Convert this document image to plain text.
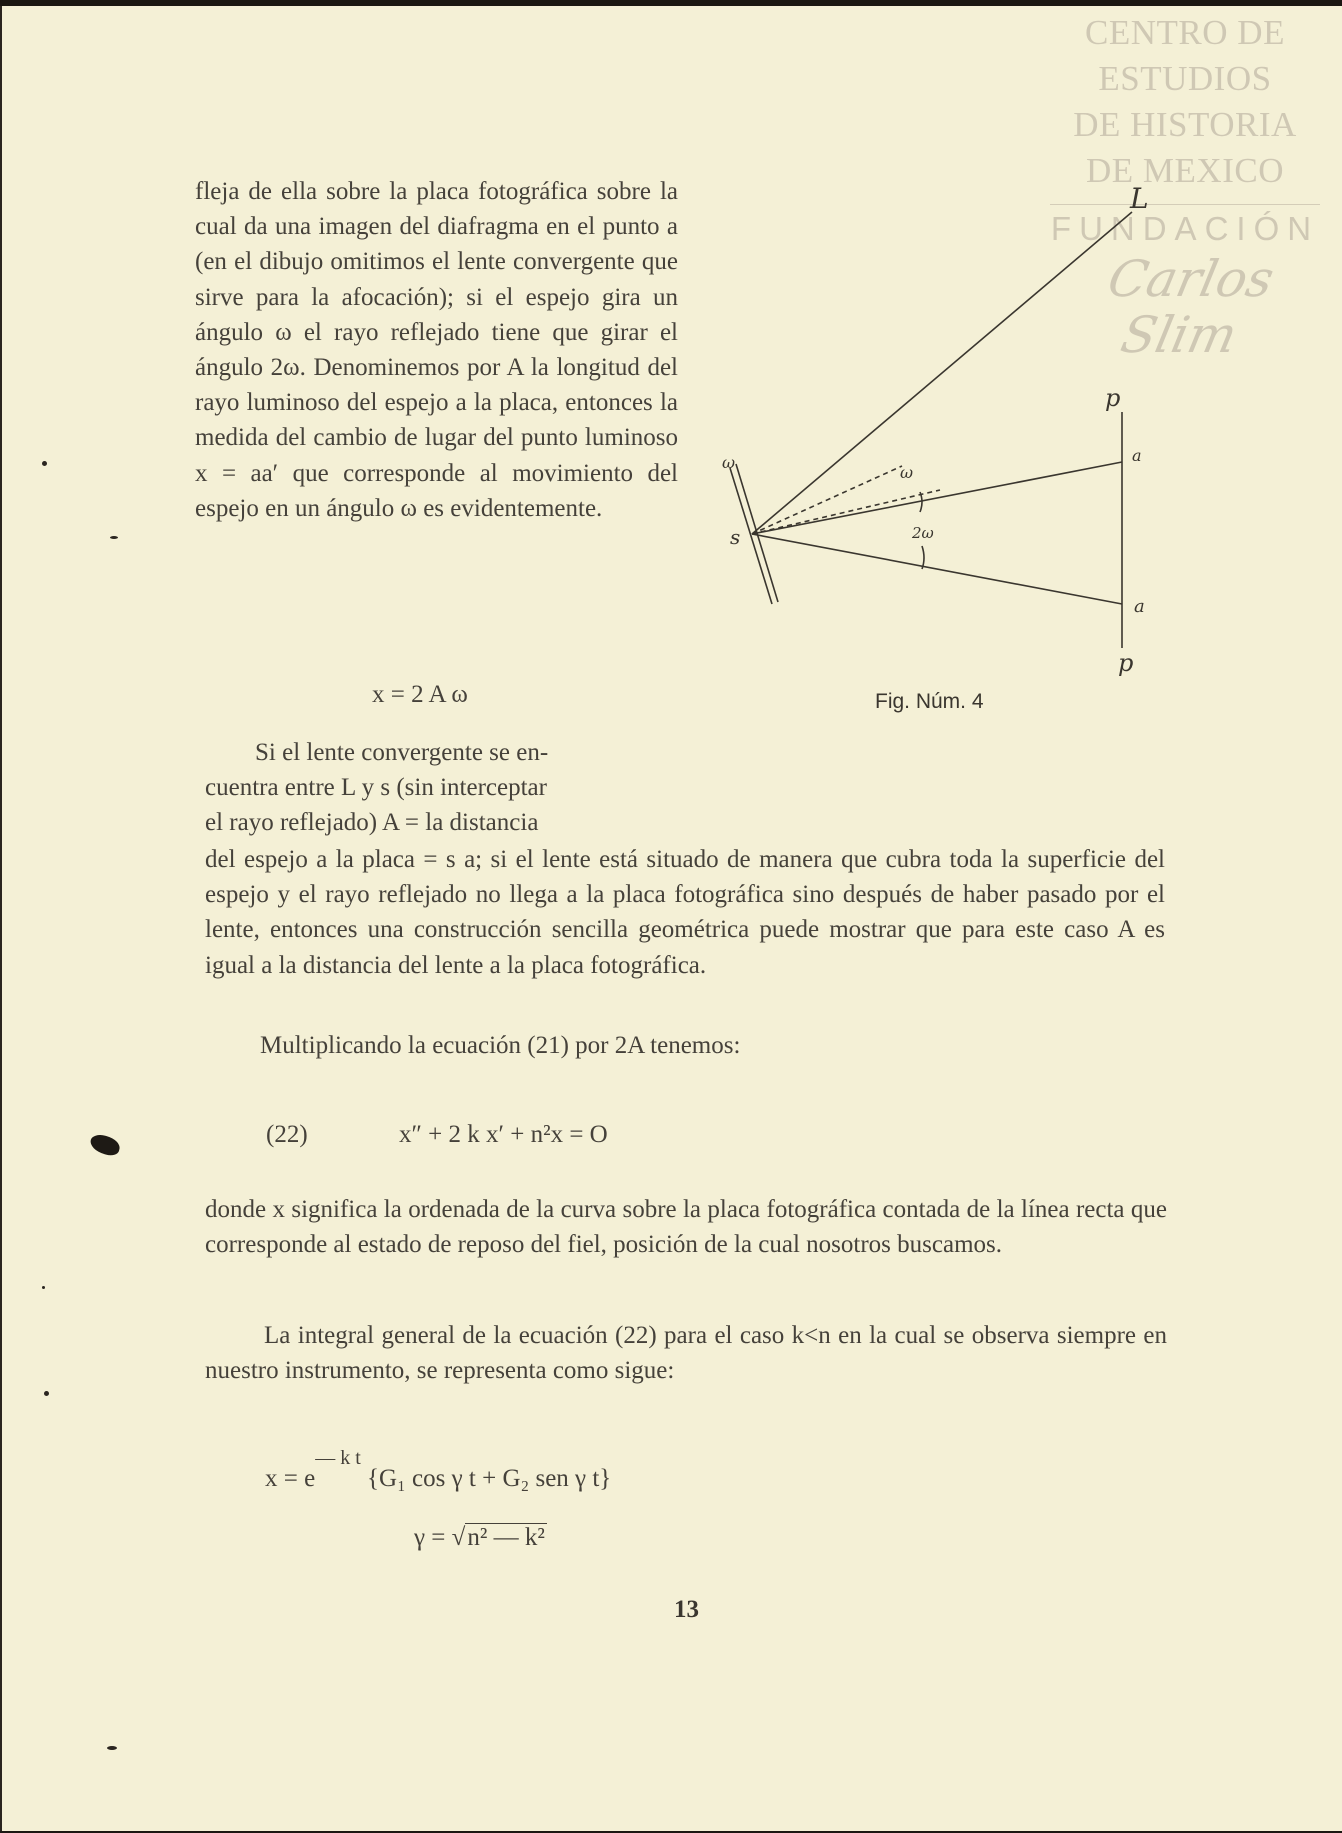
CENTRO DE
ESTUDIOS
DE HISTORIA
DE MEXICO
FUNDACIÓN
Carlos Slim

fleja de ella sobre la placa fotográfica sobre la cual da una imagen del diafragma en el punto a (en el dibujo omitimos el lente convergente que sirve para la afocación); si el espejo gira un ángulo ω el rayo reflejado tiene que girar el ángulo 2ω. Denominemos por A la longitud del rayo luminoso del espejo a la placa, entonces la medida del cambio de lugar del punto luminoso x = aa′ que corresponde al movimiento del espejo en un ángulo ω es evidentemente.

x = 2 A ω
L
p
a
a
p
s
ω
ω
2ω
Fig. Núm. 4
Si el lente convergente se en-
cuentra entre L y s (sin interceptar
el rayo reflejado) A = la distancia
del espejo a la placa = s a; si el lente está situado de manera que cubra toda la superficie del espejo y el rayo reflejado no llega a la placa fotográfica sino después de haber pasado por el lente, entonces una construcción sencilla geométrica puede mostrar que para este caso A es igual a la distancia del lente a la placa fotográfica.
Multiplicando la ecuación (21) por 2A tenemos:
(22)	x″ + 2 k x′ + n²x = O
donde x significa la ordenada de la curva sobre la placa fotográfica contada de la línea recta que corresponde al estado de reposo del fiel, posición de la cual nosotros buscamos.
La integral general de la ecuación (22) para el caso k<n en la cual se observa siempre en nuestro instrumento, se representa como sigue:
$x = e^{— k t}$ {G₁ cos γ t + G₂ sen γ t}
γ = √n² — k²
13
